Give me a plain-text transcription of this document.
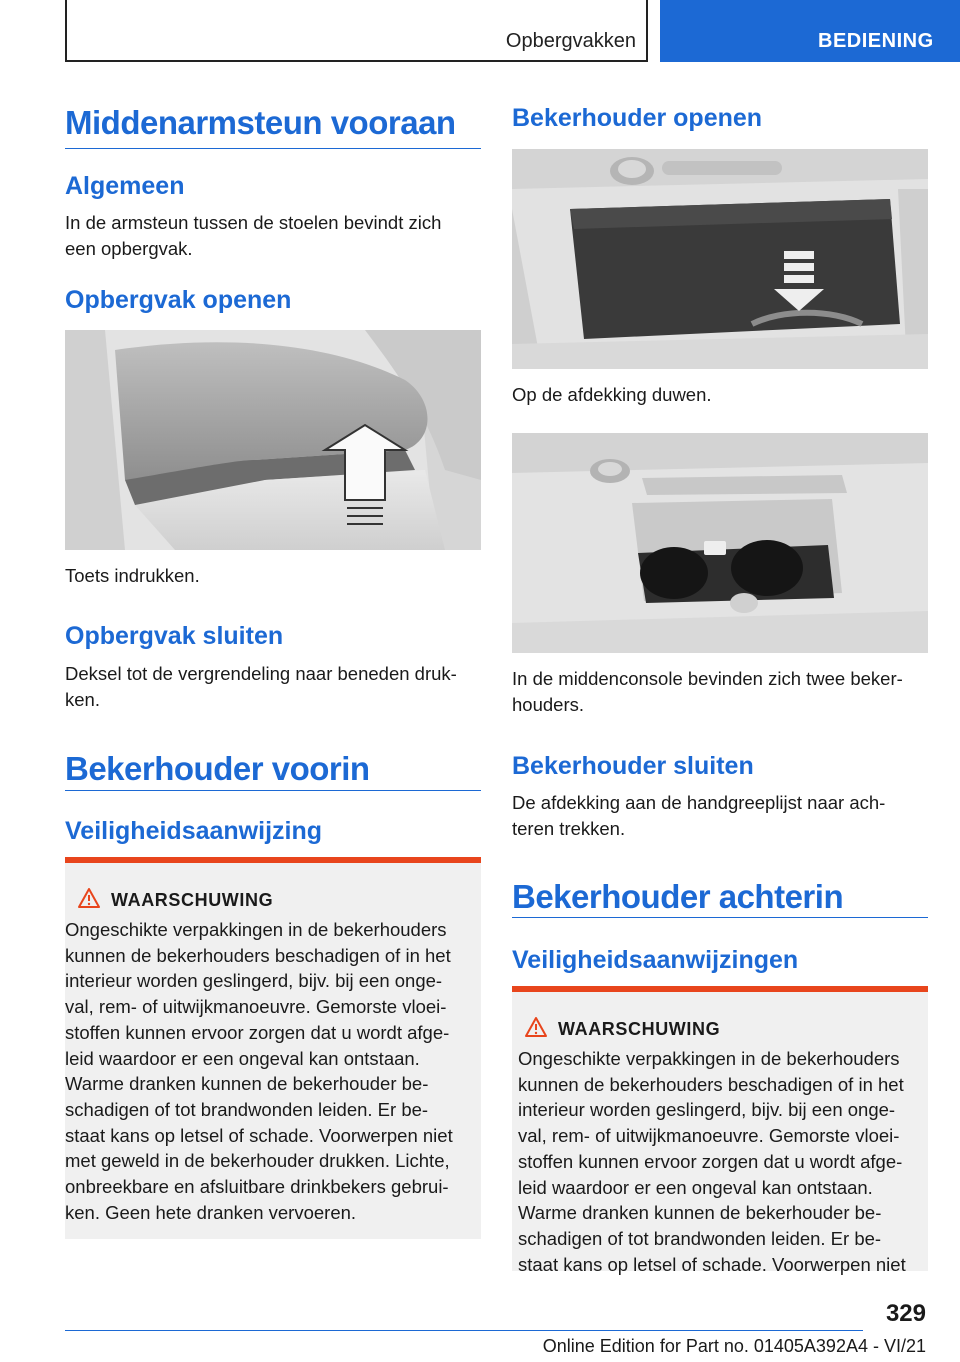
Opbergvakken	BEDIENING
Middenarmsteun vooraan
Algemeen
In de armsteun tussen de stoelen bevindt zich
een opbergvak.
Opbergvak openen
Toets indrukken.
Opbergvak sluiten
Deksel tot de vergrendeling naar beneden druk-
ken.
Bekerhouder voorin
Veiligheidsaanwijzing
WAARSCHUWING
Ongeschikte verpakkingen in de bekerhouders
kunnen de bekerhouders beschadigen of in het
interieur worden geslingerd, bijv. bij een onge-
val, rem- of uitwijkmanoeuvre. Gemorste vloei-
stoffen kunnen ervoor zorgen dat u wordt afge-
leid waardoor er een ongeval kan ontstaan.
Warme dranken kunnen de bekerhouder be-
schadigen of tot brandwonden leiden. Er be-
staat kans op letsel of schade. Voorwerpen niet
met geweld in de bekerhouder drukken. Lichte,
onbreekbare en afsluitbare drinkbekers gebrui-
ken. Geen hete dranken vervoeren.
Bekerhouder openen
Op de afdekking duwen.
In de middenconsole bevinden zich twee beker-
houders.
Bekerhouder sluiten
De afdekking aan de handgreeplijst naar ach-
teren trekken.
Bekerhouder achterin
Veiligheidsaanwijzingen
WAARSCHUWING
Ongeschikte verpakkingen in de bekerhouders
kunnen de bekerhouders beschadigen of in het
interieur worden geslingerd, bijv. bij een onge-
val, rem- of uitwijkmanoeuvre. Gemorste vloei-
stoffen kunnen ervoor zorgen dat u wordt afge-
leid waardoor er een ongeval kan ontstaan.
Warme dranken kunnen de bekerhouder be-
schadigen of tot brandwonden leiden. Er be-
staat kans op letsel of schade. Voorwerpen niet
329
Online Edition for Part no. 01405A392A4 - VI/21
